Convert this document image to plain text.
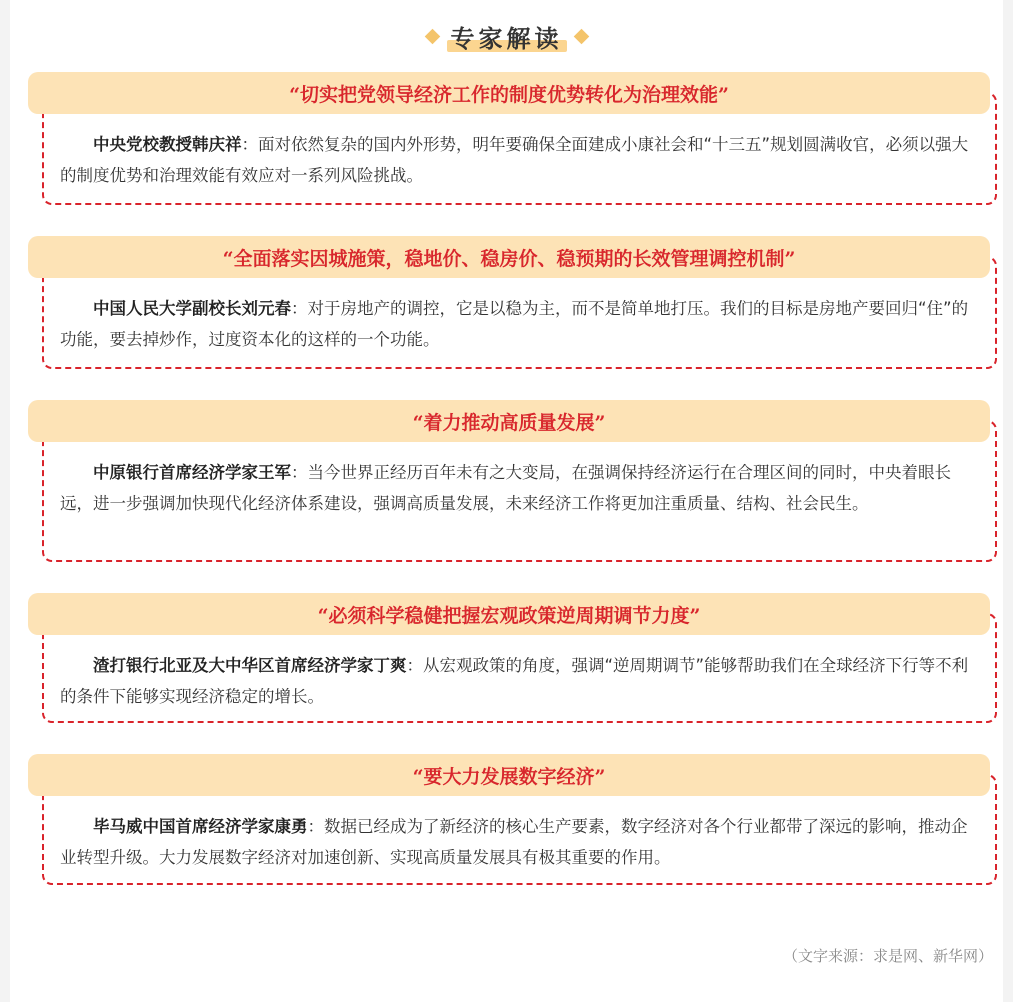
专家解读
“切实把党领导经济工作的制度优势转化为治理效能”
中央党校教授韩庆祥：面对依然复杂的国内外形势，明年要确保全面建成小康社会和“十三五”规划圆满收官，必须以强大的制度优势和治理效能有效应对一系列风险挑战。
“全面落实因城施策，稳地价、稳房价、稳预期的长效管理调控机制”
中国人民大学副校长刘元春：对于房地产的调控，它是以稳为主，而不是简单地打压。我们的目标是房地产要回归“住”的功能，要去掉炒作，过度资本化的这样的一个功能。
“着力推动高质量发展”
中原银行首席经济学家王军：当今世界正经历百年未有之大变局，在强调保持经济运行在合理区间的同时，中央着眼长远，进一步强调加快现代化经济体系建设，强调高质量发展，未来经济工作将更加注重质量、结构、社会民生。
“必须科学稳健把握宏观政策逆周期调节力度”
渣打银行北亚及大中华区首席经济学家丁爽：从宏观政策的角度，强调“逆周期调节”能够帮助我们在全球经济下行等不利的条件下能够实现经济稳定的增长。
“要大力发展数字经济”
毕马威中国首席经济学家康勇：数据已经成为了新经济的核心生产要素，数字经济对各个行业都带了深远的影响，推动企业转型升级。大力发展数字经济对加速创新、实现高质量发展具有极其重要的作用。
（文字来源：求是网、新华网）
